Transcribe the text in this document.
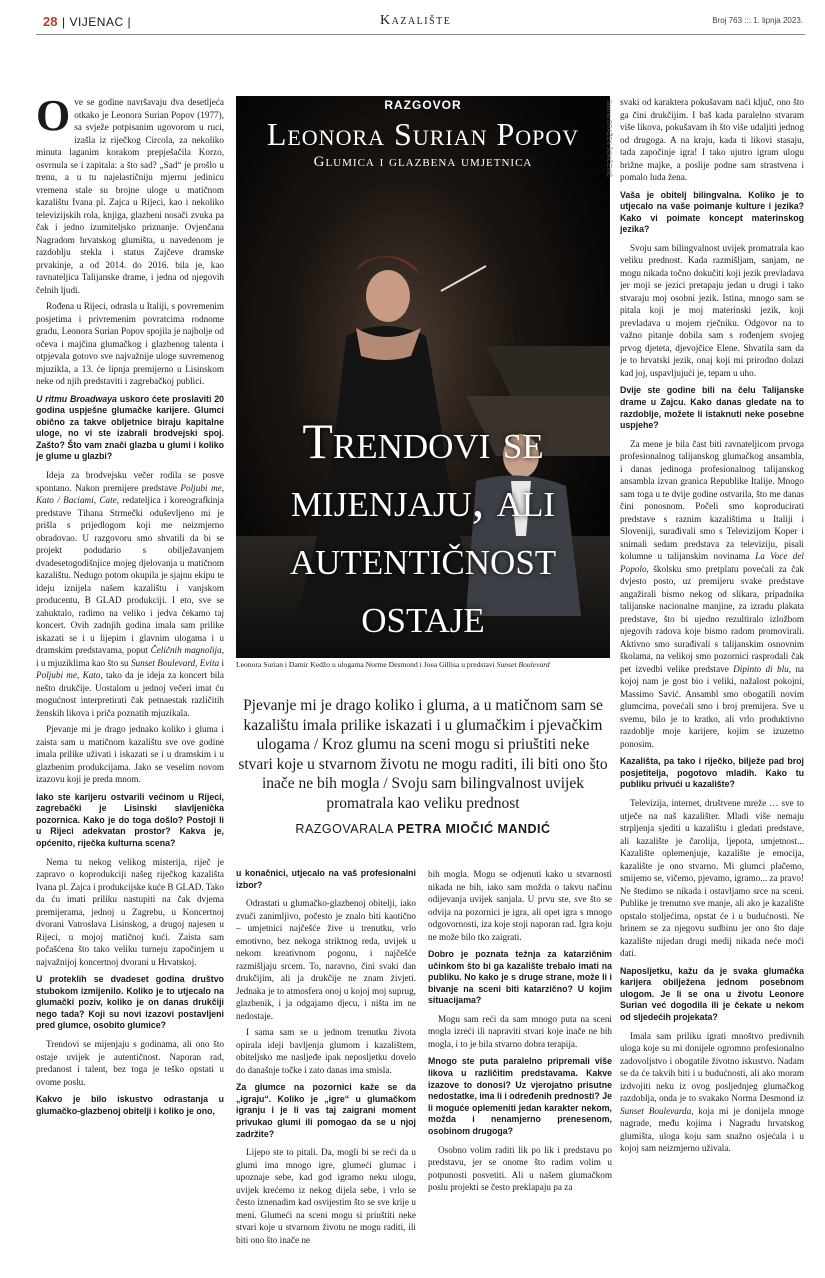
28 | VIJENAC |	Kazalište	Broj 763 ::: 1. lipnja 2023.

Ove se godine navršavaju dva desetljeća otkako je Leonora Surian Popov (1977), sa svježe potpisanim ugovorom u ruci, izašla iz riječkog Circola, za nekoliko minuta laganim korakom prepješačila Korzo, osvrnula se i zapitala: a što sad? „Sad“ je prošlo u trenu, a u tu najelastičniju mjernu jedinicu vremena stale su brojne uloge u matičnom kazalištu Ivana pl. Zajca u Rijeci, kao i nekoliko televizijskih rola, knjiga, glazbeni nosači zvuka pa čak i jedno izumiteljsko priznanje. Ovjenčana Nagradom hrvatskog glumišta, u navedenom je razdoblju stekla i status Zajčeve dramske prvakinje, a od 2014. do 2016. bila je, kao ravnateljica Talijanske drame, i jedna od njegovih čelnih ljudi.

Rođena u Rijeci, odrasla u Italiji, s povremenim posjetima i privremenim povratcima rodnome gradu, Leonora Surian Popov spojila je najbolje od očeva i majčina glumačkog i glazbenog talenta i otpjevala gotovo sve najvažnije uloge suvremenog mjuzikla, a 13. će lipnja premijerno u Lisinskom neke od njih predstaviti i zagrebačkoj publici.

U ritmu Broadwaya uskoro ćete proslaviti 20 godina uspješne glumačke karijere. Glumci obično za takve obljetnice biraju kapitalne uloge, no vi ste izabrali brodvejski spoj. Zašto? Što vam znači glazba u glumi i koliko je glume u glazbi?

Ideja za brodvejsku večer rodila se posve spontano. Nakon premijere predstave Poljubi me, Kato / Baciami, Cate, redateljica i koreografkinja predstave Tihana Strmečki oduševljeno mi je prišla s prijedlogom koji me neizmjerno obradovao. U razgovoru smo shvatili da bi se projekt podudario s obilježavanjem dvadesetogodišnjice mojeg djelovanja u matičnom kazalištu. Nedugo potom okupila je sjajnu ekipu te ideju iznijela našem kazalištu i vanjskom producentu, B GLAD produkciji. I eto, sve se zahuktalo, radimo na veliko i jedva čekamo taj koncert. Ovih zadnjih godina imala sam prilike iskazati se i u lijepim i glavnim ulogama i u dramskim predstavama, poput Čeličnih magnolija, i u mjuziklima kao što su Sunset Boulevard, Evita i Poljubi me, Kato, tako da je ideja za koncert bila nešto drukčije. Uostalom u jednoj večeri imat ću mogućnost interpretirati čak petnaestak različitih ženskih likova i priča poznatih mjuzikala.

Pjevanje mi je drago jednako koliko i gluma i zaista sam u matičnom kazalištu sve ove godine imala prilike uživati i iskazati se i u dramskim i u glazbenim produkcijama. Jako se veselim novom izazovu koji je preda mnom.

Iako ste karijeru ostvarili većinom u Rijeci, zagrebački je Lisinski slavljenička pozornica. Kako je do toga došlo? Postoji li u Rijeci adekvatan prostor? Kakva je, općenito, riječka kulturna scena?

Nema tu nekog velikog misterija, riječ je zapravo o koprodukciji našeg riječkog kazališta Ivana pl. Zajca i produkcijske kuće B GLAD. Tako da ću imati priliku nastupiti na čak dvjema premijerama, jednoj u Zagrebu, u Koncertnoj dvorani Vatroslava Lisinskog, a drugoj najesen u Rijeci, u mojoj matičnoj kući. Zaista sam počašćena što tako veliku turneju započinjem u najvažnijoj koncertnoj dvorani u Hrvatskoj.

U proteklih se dvadeset godina društvo stubokom izmijenilo. Koliko je to utjecalo na glumački poziv, koliko je on danas drukčiji nego tada? Koji su novi izazovi postavljeni pred glumce, osobito glumice?

Trendovi se mijenjaju s godinama, ali ono što ostaje uvijek je autentičnost. Naporan rad, predanost i talent, bez toga je teško opstati u ovome poslu.

Kakvo je bilo iskustvo odrastanja u glumačko-glazbenoj obitelji i koliko je ono,

RAZGOVOR
Leonora Surian Popov
Glumica i glazbena umjetnica
Trendovi se mijenjaju, ali autentičnost ostaje
Snimio DRAŽEN ŠOKČEVIĆ
Leonora Surian i Damir Kedžo u ulogama Norme Desmond i Joea Gillisa u predstavi Sunset Boulevard
Pjevanje mi je drago koliko i gluma, a u matičnom sam se kazalištu imala prilike iskazati i u glumačkim i pjevačkim ulogama / Kroz glumu na sceni mogu si priuštiti neke stvari koje u stvarnom životu ne mogu raditi, ili biti ono što inače ne bih mogla / Svoju sam bilingvalnost uvijek promatrala kao veliku prednost
RAZGOVARALA PETRA MIOČIĆ MANDIĆ

u konačnici, utjecalo na vaš profesionalni izbor?

Odrastati u glumačko-glazbenoj obitelji, iako zvuči zanimljivo, počesto je znalo biti kaotično – umjetnici najčešće žive u trenutku, vrlo emotivno, bez nekoga striktnog reda, uvijek u nekom kreativnom pogonu, i najčešće razmišljaju srcem. To, naravno, čini svaki dan drukčijim, ali ja drukčije ne znam živjeti. Jednaka je to atmosfera onoj u kojoj moj suprug, glazbenik, i ja odgajamo djecu, i ništa im ne nedostaje.

I sama sam se u jednom trenutku života opirala ideji bavljenja glumom i kazalištem, obiteljsko me nasljeđe ipak neposljetku dovelo do današnje točke i zato danas ima smisla.

Za glumce na pozornici kaže se da „igraju“. Koliko je „igre“ u glumačkom igranju i je li vas taj zaigrani moment privukao glumi ili pomogao da se u njoj zadržite?

Lijepo ste to pitali. Da, mogli bi se reći da u glumi ima mnogo igre, glumeći glumac i upoznaje sebe, kad god igramo neku ulogu, uvijek krećemo iz nekog dijela sebe, i vrlo se često iznenadim kad osvijestim što se sve krije u meni. Glumeći na sceni mogu si priuštiti neke stvari koje u stvarnom životu ne mogu raditi, ili biti ono što inače ne

bih mogla. Mogu se odjenuti kako u stvarnosti nikada ne bih, iako sam možda o takvu načinu odijevanja uvijek sanjala. U prvu ste, sve što se odvija na pozornici je igra, ali opet igra s mnogo odgovornosti, iza koje stoji naporan rad. Igra koju ne može bilo tko zaigrati.

Dobro je poznata težnja za katarzičnim učinkom što bi ga kazalište trebalo imati na publiku. No kako je s druge strane, može li i bivanje na sceni biti katarzično? U kojim situacijama?

Mogu sam reći da sam mnogo puta na sceni mogla izreći ili napraviti stvari koje inače ne bih mogla, i to je bila stvarno dobra terapija.

Mnogo ste puta paralelno pripremali više likova u različitim predstavama. Kakve izazove to donosi? Uz vjerojatno prisutne nedostatke, ima li i određenih prednosti? Je li moguće oplemeniti jedan karakter nekom, možda i nenamjerno prenesenom, osobinom drugoga?

Osobno volim raditi lik po lik i predstavu po predstavu, jer se onome što radim volim u potpunosti posvetiti. Ali u našem glumačkom poslu projekti se često preklapaju pa za

svaki od karaktera pokušavam naći ključ, ono što ga čini drukčijim. I baš kada paralelno stvaram više likova, pokušavam ih što više udaljiti jednog od drugoga. A na kraju, kada ti likovi stasaju, tada započinje igra! I tako ujutro igram ulogu brižne majke, a poslije podne sam strastvena i pomalo luda žena.

Vaša je obitelj bilingvalna. Koliko je to utjecalo na vaše poimanje kulture i jezika? Kako vi poimate koncept materinskog jezika?

Svoju sam bilingvalnost uvijek promatrala kao veliku prednost. Kada razmišljam, sanjam, ne mogu nikada točno dokučiti koji jezik prevladava jer moji se jezici pretapaju jedan u drugi i tako stvaraju moj osobni jezik. Istina, mnogo sam se pitala koji je moj materinski jezik, koji prevladava u mojem rječniku. Odgovor na to važno pitanje dobila sam s rođenjem svojeg prvog djeteta, djevojčice Elene. Shvatila sam da je to hrvatski jezik, onaj koji mi prirodno dolazi kad joj, uspavljujući je, tepam u uho.

Dvije ste godine bili na čelu Talijanske drame u Zajcu. Kako danas gledate na to razdoblje, možete li istaknuti neke posebne uspjehe?

Za mene je bila čast biti ravnateljicom prvoga profesionalnog talijanskog glumačkog ansambla, i danas jedinoga profesionalnog talijanskog ansambla izvan granica Republike Italije. Mnogo sam toga u te dvije godine ostvarila, što me danas čini ponosnom. Počeli smo koproducirati predstave s raznim kazalištima u Italiji i Sloveniji, surađivali smo s Televizijom Koper i snimali sedam predstava za televiziju, pisali kolumne u talijanskim novinama La Voce del Popolo, školsku smo pretplatu povećali za čak dvjesto posto, uz premijeru svake predstave angažirali bismo nekog od slikara, pripadnika talijanske nacionalne manjine, za izradu plakata predstave, što bi ujedno rezultiralo izložbom njegovih radova koje bismo radom promovirali. Aktivno smo surađivali s talijanskim osnovnim školama, na velikoj smo pozornici rasprodali čak pet izvedbi velike predstave Dipinto di blu, na kojoj nam je gost bio i veliki, nažalost pokojni, Massimo Savić. Ansambl smo obogatili novim glumcima, povećali smo i broj premijera. Sve u svemu, bilo je to kratko, ali vrlo produktivno razdoblje moje karijere, kojim se izuzetno ponosim.

Kazališta, pa tako i riječko, bilježe pad broj posjetitelja, pogotovo mladih. Kako tu publiku privući u kazalište?

Televizija, internet, društvene mreže … sve to utječe na naš kazališter. Mladi više nemaju strpljenja sjediti u kazalištu i gledati predstave, ali kazalište je čarolija, ljepota, umjetnost... Kazalište oplemenjuje, kazalište je emocija, kazalište je ono stvarno. Mi glumci plačemo, smijemo se, vičemo, pjevamo, igramo... za pravo! Ne štedimo se nikada i ostavljamo srce na sceni. Publike je trenutno sve manje, ali ako je kazalište opstalo stoljećima, opstat će i u budućnosti. Ne brinem se za njegovu sudbinu jer ono što daje kazalište nijedan drugi medij nikada neće moći dati.

Naposljetku, kažu da je svaka glumačka karijera obilježena jednom posebnom ulogom. Je li se ona u životu Leonore Surian već dogodila ili je čekate u nekom od sljedećih projekata?

Imala sam priliku igrati mnoštvo predivnih uloga koje su mi donijele ogromno profesionalno zadovoljstvo i obogatile životno iskustvo. Nadam se da će takvih biti i u budućnosti, ali ako moram izdvojiti neku iz ovog posljednjeg glumačkog razdoblja, onda je to svakako Norma Desmond iz Sunset Boulevarda, koja mi je donijela mnoge nagrade, među kojima i Nagradu hrvatskog glumišta, uloga koju sam snažno osjećala i u kojoj sam neizmjerno uživala.
